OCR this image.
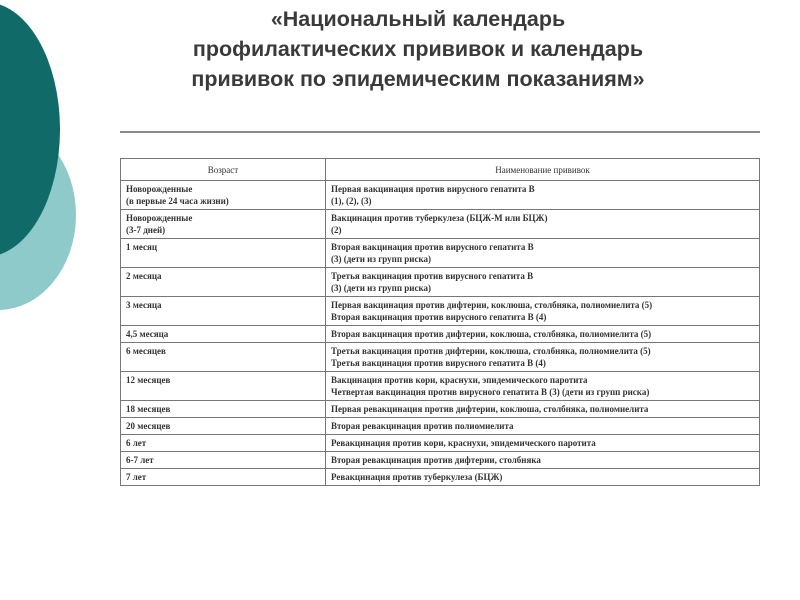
«Национальный календарь
профилактических прививок и календарь
прививок по эпидемическим показаниям»
Возраст	Наименование прививок

Новорожденные
(в первые 24 часа жизни)	Первая вакцинация против вирусного гепатита В
(1), (2), (3)

Новорожденные
(3-7 дней)	Вакцинация против туберкулеза (БЦЖ-М или БЦЖ)
(2)

1 месяц	Вторая вакцинация против вирусного гепатита В
(3) (дети из групп риска)

2 месяца	Третья вакцинация против вирусного гепатита В
(3) (дети из групп риска)

3 месяца	Первая вакцинация против дифтерии, коклюша, столбняка, полиомиелита (5)
Вторая вакцинация против вирусного гепатита В (4)

4,5 месяца	Вторая вакцинация против дифтерии, коклюша, столбняка, полиомиелита (5)

6 месяцев	Третья вакцинация против дифтерии, коклюша, столбняка, полиомиелита (5)
Третья вакцинация против вирусного гепатита В (4)

12 месяцев	Вакцинация против кори, краснухи, эпидемического паротита
Четвертая вакцинация против вирусного гепатита В (3) (дети из групп риска)

18 месяцев	Первая ревакцинация против дифтерии, коклюша, столбняка, полиомиелита

20 месяцев	Вторая ревакцинация против полиомиелита

6 лет	Ревакцинация против кори, краснухи, эпидемического паротита

6-7 лет	Вторая ревакцинация против дифтерии, столбняка

7 лет	Ревакцинация против туберкулеза (БЦЖ)
